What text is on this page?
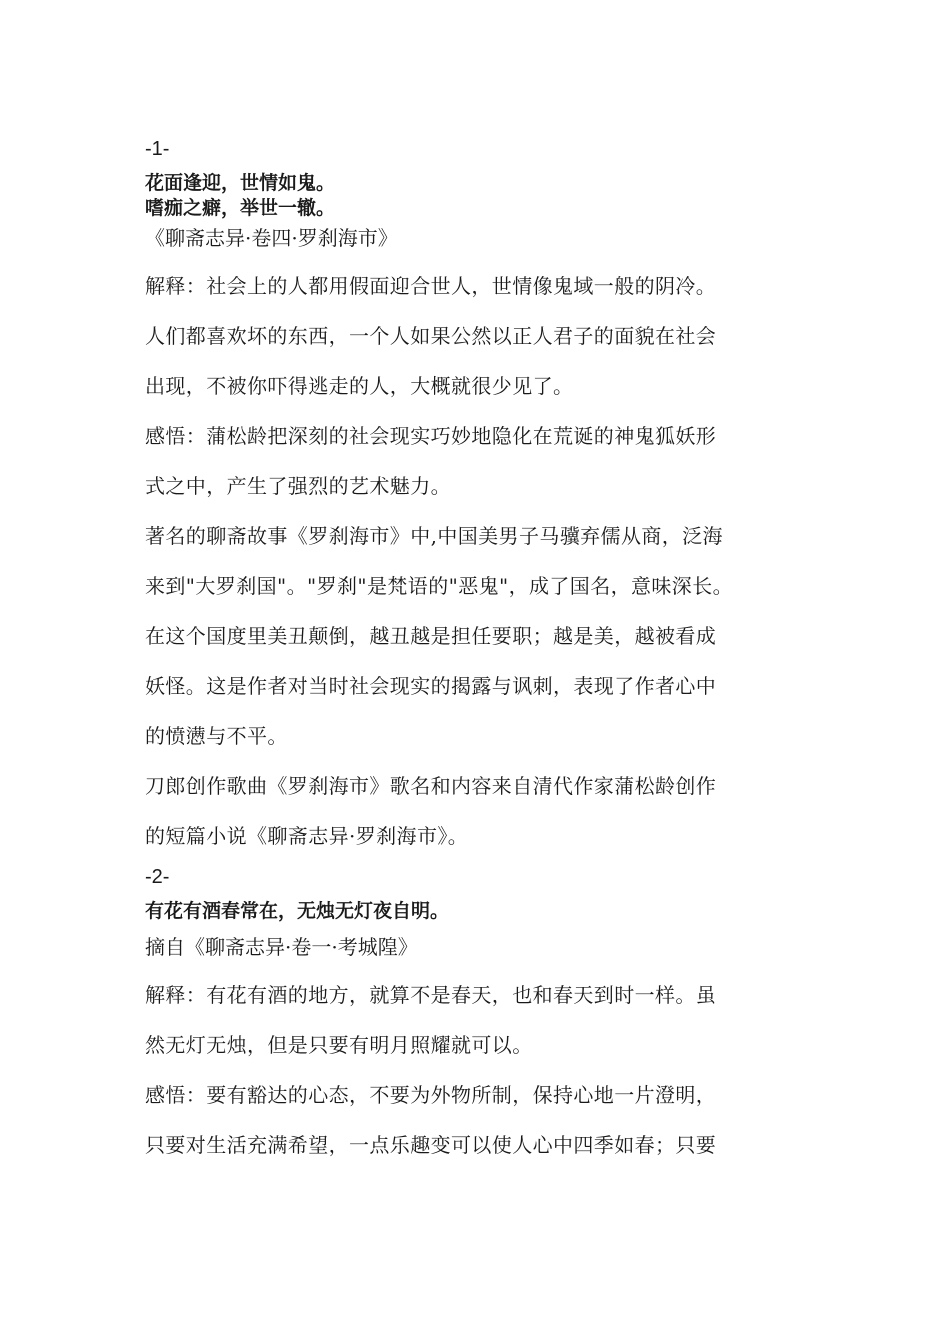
-1-

花面逢迎，世情如鬼。

嗜痂之癖，举世一辙。

《聊斋志异·卷四·罗刹海市》

解释：社会上的人都用假面迎合世人，世情像鬼域一般的阴冷。

人们都喜欢坏的东西，一个人如果公然以正人君子的面貌在社会

出现，不被你吓得逃走的人，大概就很少见了。

感悟：蒲松龄把深刻的社会现实巧妙地隐化在荒诞的神鬼狐妖形

式之中，产生了强烈的艺术魅力。

著名的聊斋故事《罗刹海市》中,中国美男子马骥弃儒从商，泛海

来到"大罗刹国"。"罗刹"是梵语的"恶鬼"，成了国名，意味深长。

在这个国度里美丑颠倒，越丑越是担任要职；越是美，越被看成

妖怪。这是作者对当时社会现实的揭露与讽刺，表现了作者心中

的愤懑与不平。

刀郎创作歌曲《罗刹海市》歌名和内容来自清代作家蒲松龄创作

的短篇小说《聊斋志异·罗刹海市》。

-2-

有花有酒春常在，无烛无灯夜自明。

摘自《聊斋志异·卷一·考城隍》

解释：有花有酒的地方，就算不是春天，也和春天到时一样。虽

然无灯无烛，但是只要有明月照耀就可以。

感悟：要有豁达的心态，不要为外物所制，保持心地一片澄明，

只要对生活充满希望，一点乐趣变可以使人心中四季如春；只要
